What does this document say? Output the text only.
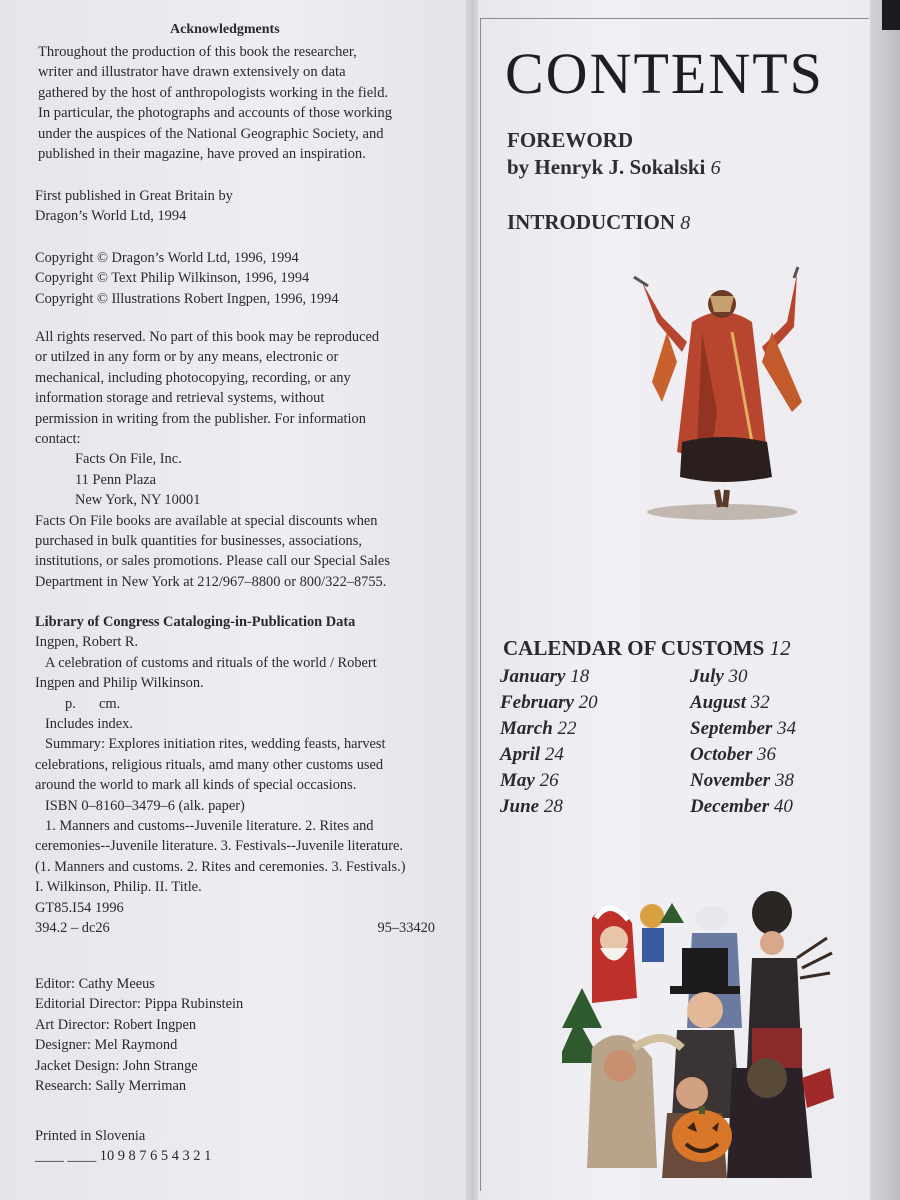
Acknowledgments
Throughout the production of this book the researcher,
writer and illustrator have drawn extensively on data
gathered by the host of anthropologists working in the field.
In particular, the photographs and accounts of those working
under the auspices of the National Geographic Society, and
published in their magazine, have proved an inspiration.
First published in Great Britain by
Dragon’s World Ltd, 1994
Copyright © Dragon’s World Ltd, 1996, 1994
Copyright © Text Philip Wilkinson, 1996, 1994
Copyright © Illustrations Robert Ingpen, 1996, 1994
All rights reserved. No part of this book may be reproduced
or utilzed in any form or by any means, electronic or
mechanical, including photocopying, recording, or any
information storage and retrieval systems, without
permission in writing from the publisher. For information
contact:
Facts On File, Inc.
11 Penn Plaza
New York, NY 10001
Facts On File books are available at special discounts when
purchased in bulk quantities for businesses, associations,
institutions, or sales promotions. Please call our Special Sales
Department in New York at 212/967–8800 or 800/322–8755.
Library of Congress Cataloging-in-Publication Data
Ingpen, Robert R.
A celebration of customs and rituals of the world / Robert
Ingpen and Philip Wilkinson.
p. cm.
Includes index.
Summary: Explores initiation rites, wedding feasts, harvest
celebrations, religious rituals, amd many other customs used
around the world to mark all kinds of special occasions.
ISBN 0–8160–3479–6 (alk. paper)
1. Manners and customs--Juvenile literature. 2. Rites and
ceremonies--Juvenile literature. 3. Festivals--Juvenile literature.
(1. Manners and customs. 2. Rites and ceremonies. 3. Festivals.)
I. Wilkinson, Philip. II. Title.
GT85.I54 1996
394.2 – dc26	95–33420
Editor: Cathy Meeus
Editorial Director: Pippa Rubinstein
Art Director: Robert Ingpen
Designer: Mel Raymond
Jacket Design: John Strange
Research: Sally Merriman
Printed in Slovenia
____ ____ 10 9 8 7 6 5 4 3 2 1
CONTENTS
FOREWORD
by Henryk J. Sokalski 6
INTRODUCTION 8
CALENDAR OF CUSTOMS 12
January 18
February 20
March 22
April 24
May 26
June 28
July 30
August 32
September 34
October 36
November 38
December 40
